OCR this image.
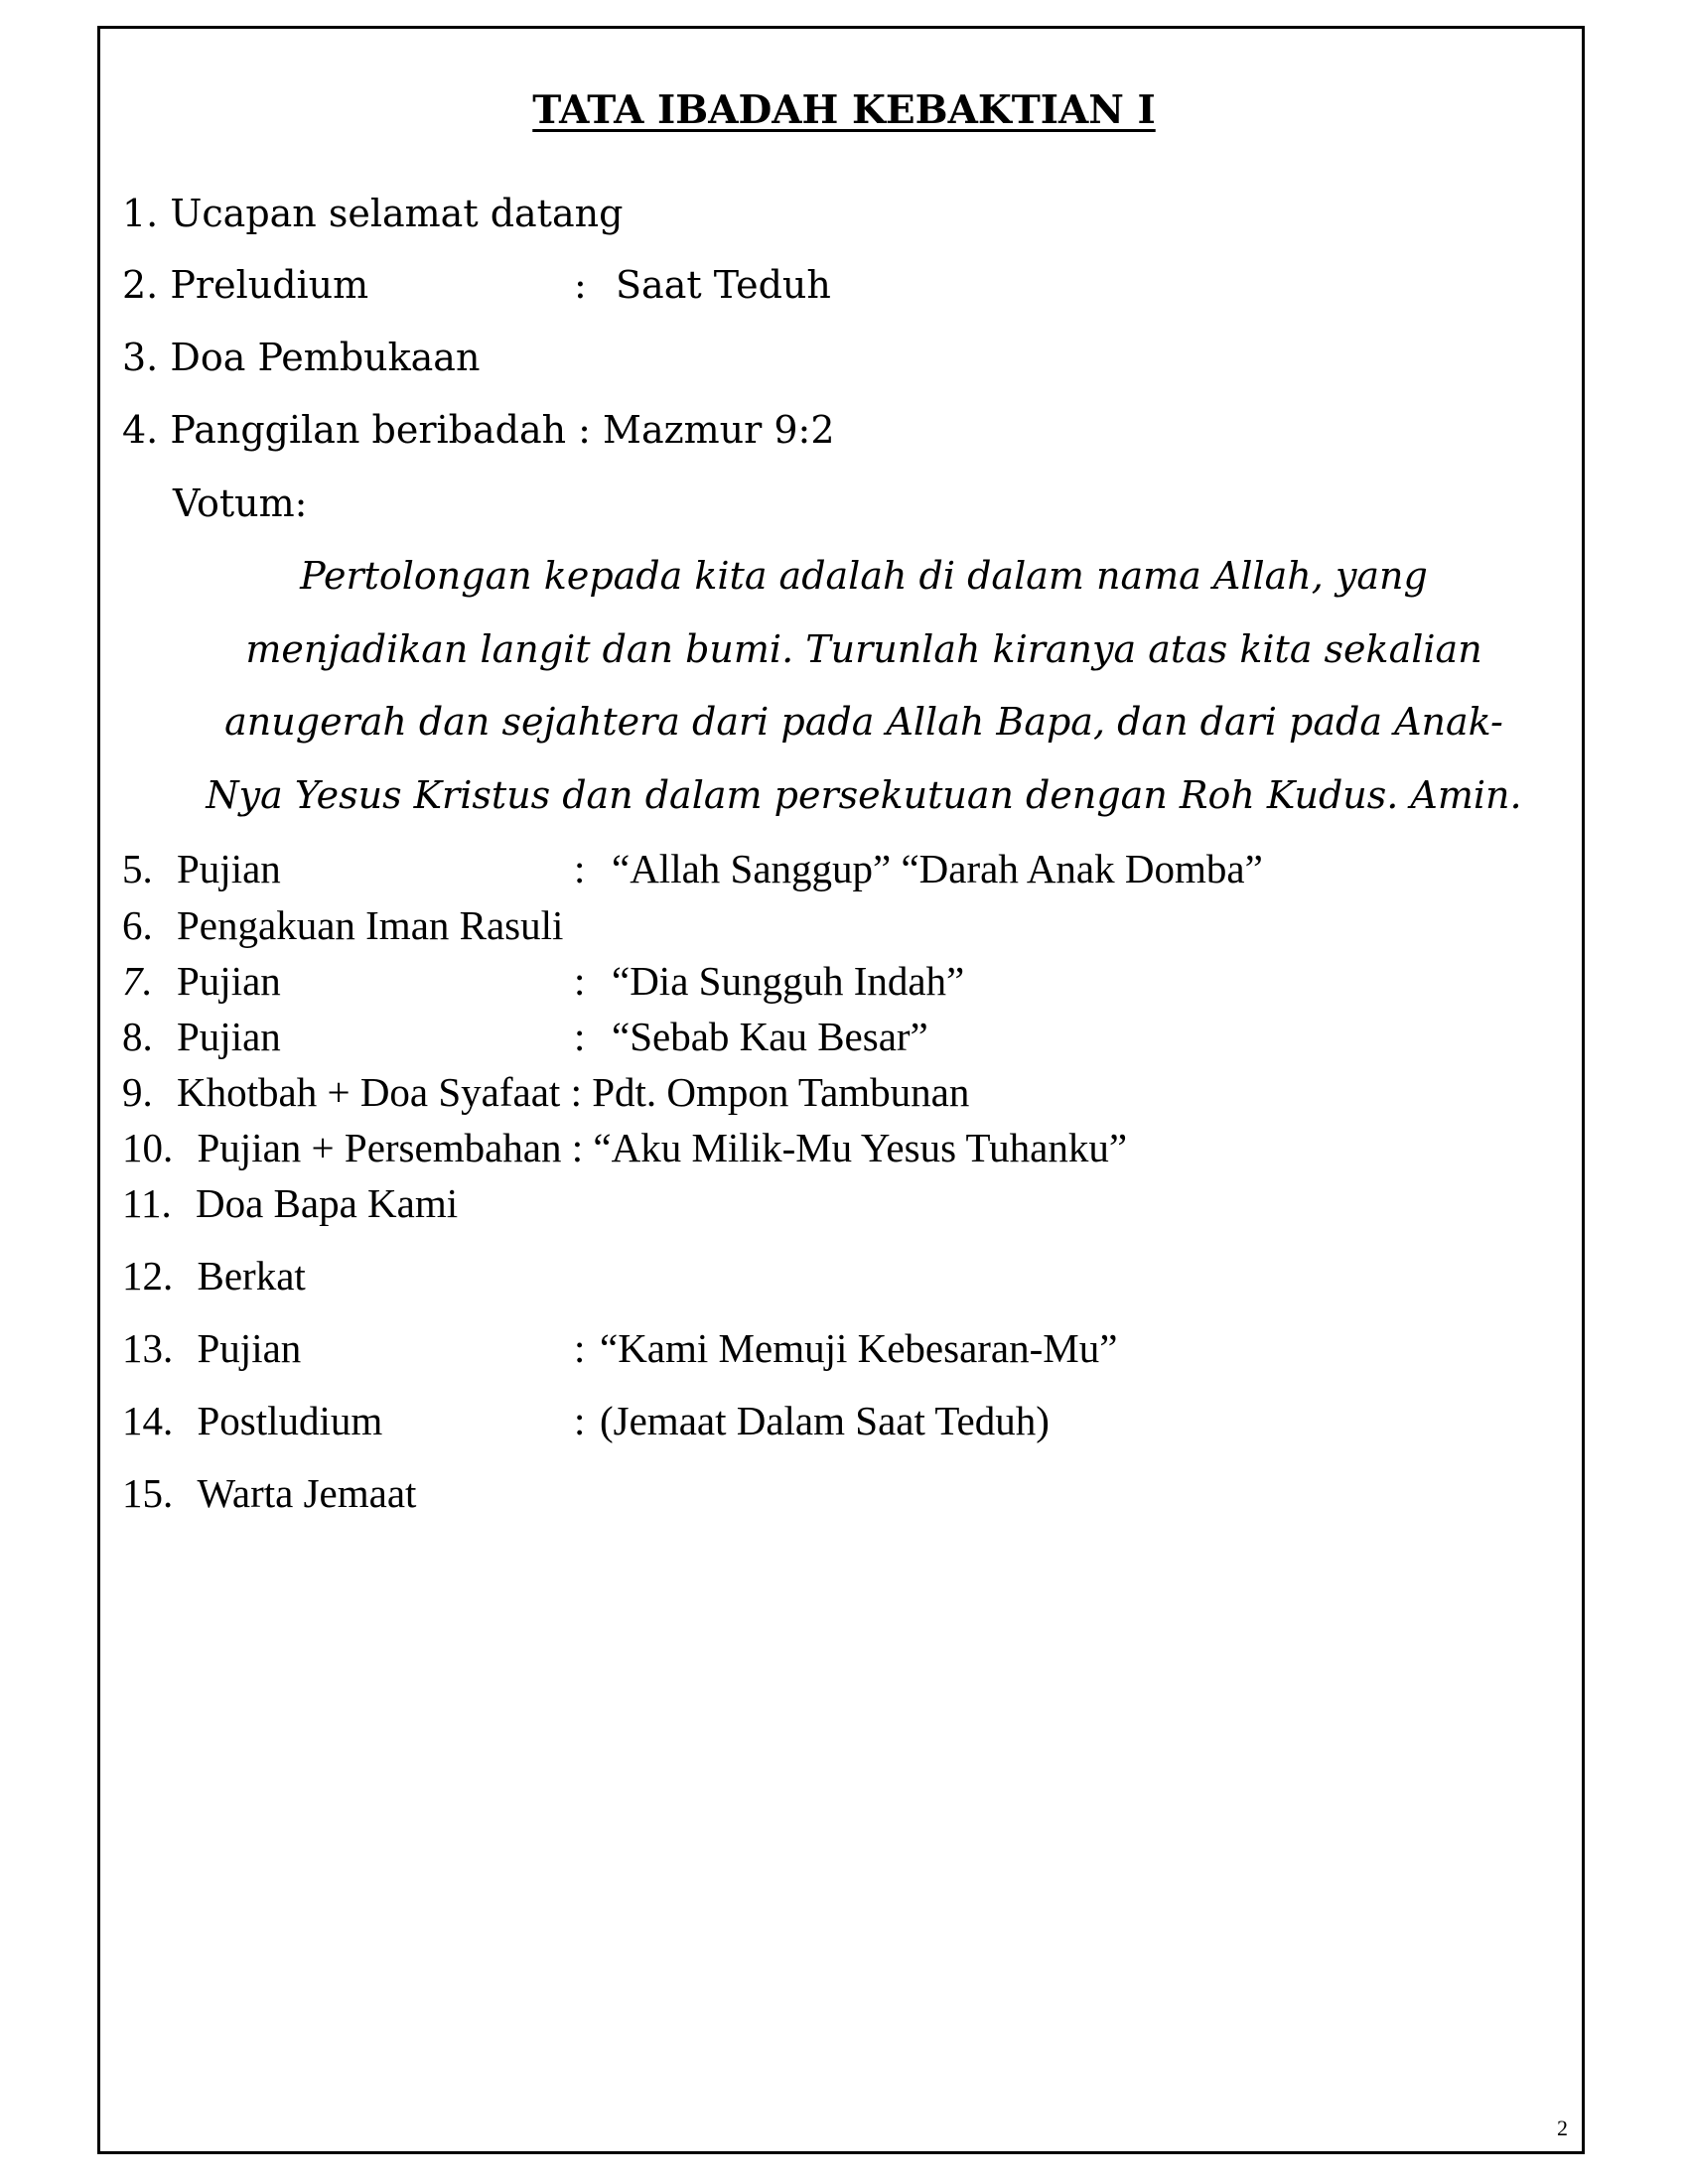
TATA IBADAH KEBAKTIAN I
1. Ucapan selamat datang
2. Preludium	: Saat Teduh
3. Doa Pembukaan
4. Panggilan beribadah : Mazmur 9:2
Votum:
Pertolongan kepada kita adalah di dalam nama Allah, yang
menjadikan langit dan bumi. Turunlah kiranya atas kita sekalian
anugerah dan sejahtera dari pada Allah Bapa, dan dari pada Anak-
Nya Yesus Kristus dan dalam persekutuan dengan Roh Kudus. Amin.
5. Pujian	: “Allah Sanggup” “Darah Anak Domba”
6. Pengakuan Iman Rasuli
7. Pujian	: “Dia Sungguh Indah”
8. Pujian	: “Sebab Kau Besar”
9. Khotbah + Doa Syafaat : Pdt. Ompon Tambunan
10. Pujian + Persembahan : “Aku Milik-Mu Yesus Tuhanku”
11. Doa Bapa Kami
12. Berkat
13. Pujian	: “Kami Memuji Kebesaran-Mu”
14. Postludium	: (Jemaat Dalam Saat Teduh)
15. Warta Jemaat
2
